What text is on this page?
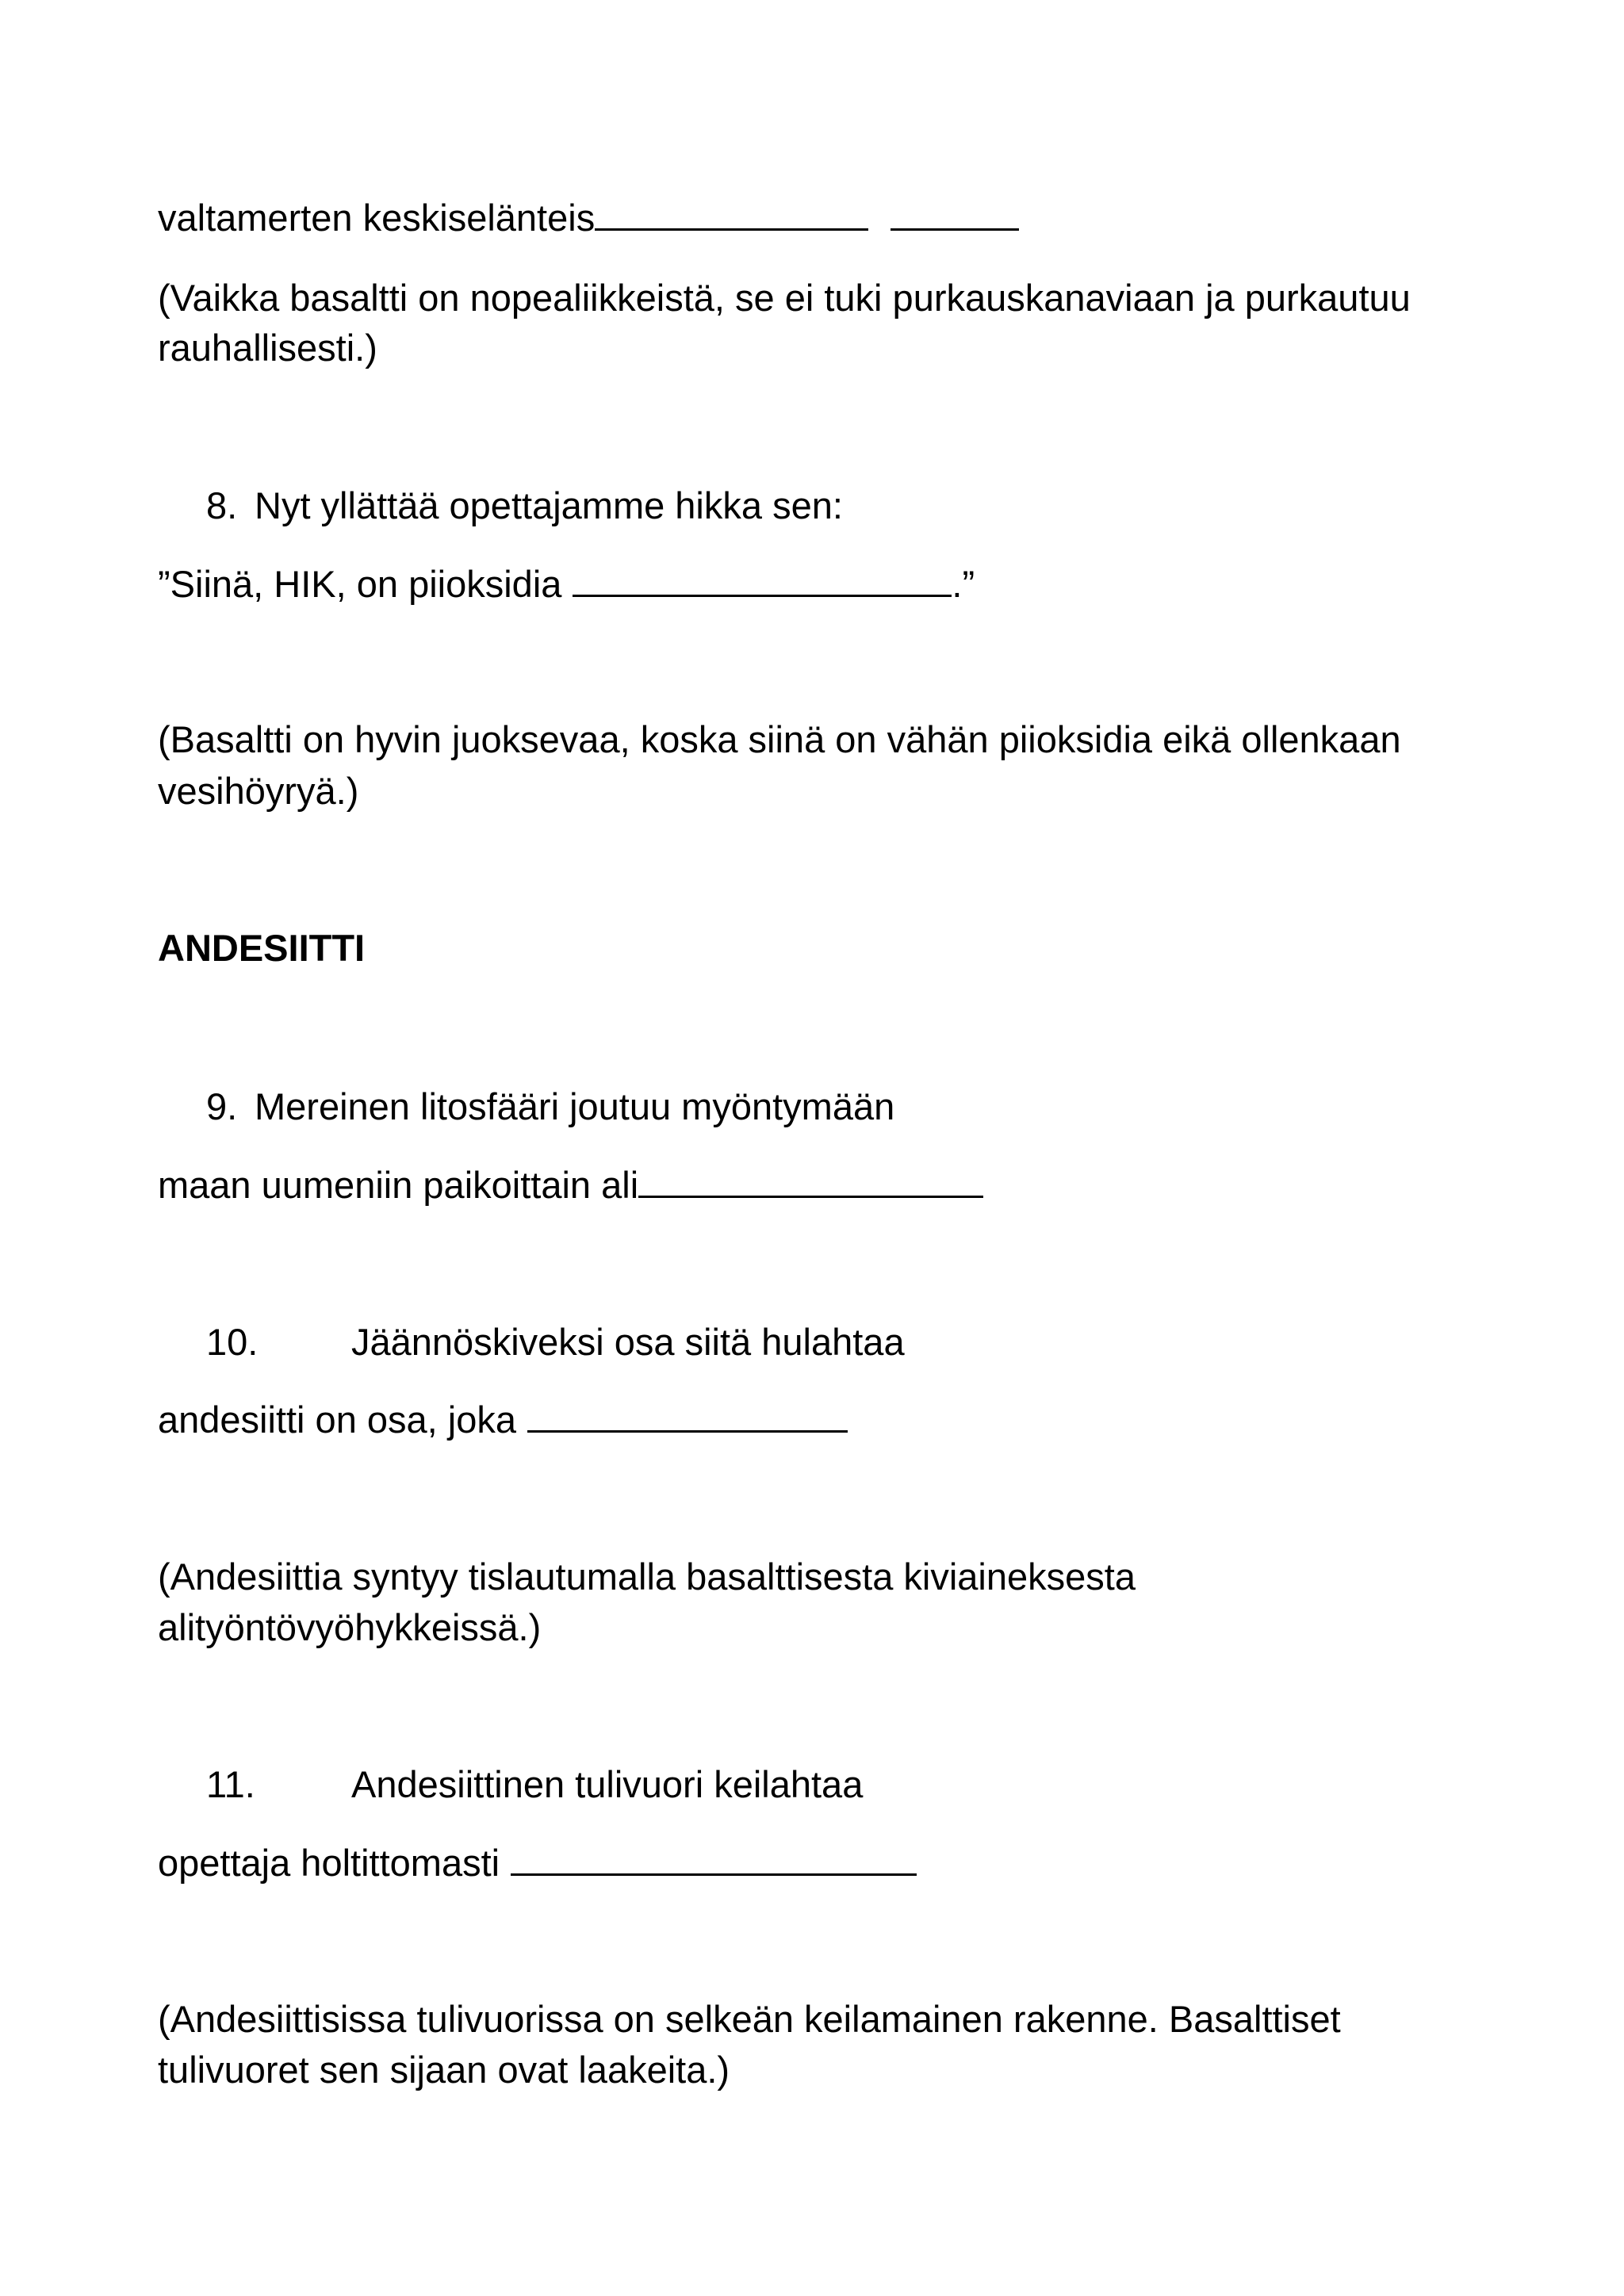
valtamerten keskiselänteis
(Vaikka basaltti on nopealiikkeistä, se ei tuki purkauskanaviaan ja purkautuu
rauhallisesti.)
8. Nyt yllättää opettajamme hikka sen:
”Siinä, HIK, on piioksidia	.”
(Basaltti on hyvin juoksevaa, koska siinä on vähän piioksidia eikä ollenkaan
vesihöyryä.)
ANDESIITTI
9. Mereinen litosfääri joutuu myöntymään
maan uumeniin paikoittain ali
10.	Jäännöskiveksi osa siitä hulahtaa
andesiitti on osa, joka
(Andesiittia syntyy tislautumalla basalttisesta kiviaineksesta
alityöntövyöhykkeissä.)
11.	Andesiittinen tulivuori keilahtaa
opettaja holtittomasti
(Andesiittisissa tulivuorissa on selkeän keilamainen rakenne. Basalttiset
tulivuoret sen sijaan ovat laakeita.)
